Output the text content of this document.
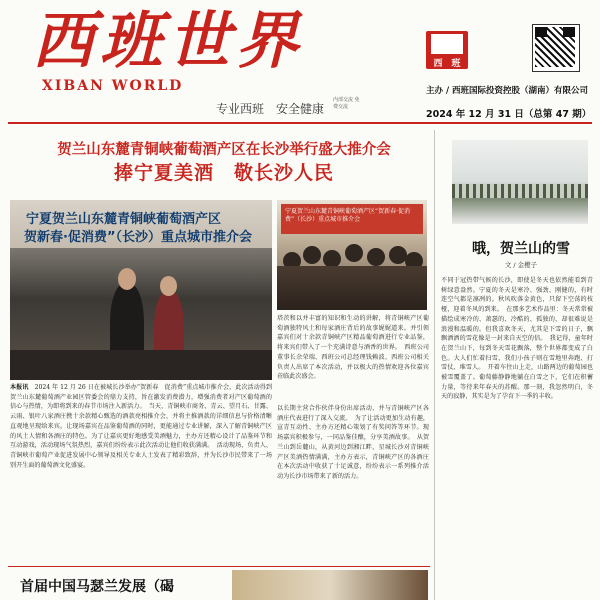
西班世界
XIBAN WORLD
专业西班　安全健康
内部交流 免费交流
西　班
主办 / 西班国际投资控股（湖南）有限公司
2024 年 12 月 31 日（总第 47 期）
贺兰山东麓青铜峡葡萄酒产区在长沙举行盛大推介会
捧宁夏美酒　敬长沙人民
宁夏贺兰山东麓青铜峡葡萄酒产区
贺新春·促消费”（长沙）重点城市推介会
宁夏贺兰山东麓青铜峡葡萄酒产区“贺新春·促消费”（长沙）重点城市推介会
塔茨和以并丰富的知识和生动的讲解，将青铜峡产区葡萄酒独特风土和每家酒庄背后的故事娓娓道来。并引领嘉宾们对十余款青铜峡产区精品葡萄酒进行专业品鉴，将来宾们带入了一个充满诗意与酒香的世界。　西班公司董事长余荣瑞、西班公司总经理钱赖波、西班公司相关负责人出席了本次活动，并以极大的热情欢迎各位嘉宾莅临此次盛会。
本报讯　 2024 年 12 月 26 日在被城长沙举办“贺新春　促消费”重点城市推介会，此次活动得到贺兰山东麓葡萄酒产业园区管委会的鼎力支持，旨在激发消费潜力，增强消费者对产区葡萄酒的信心与热情，为即将到来的春节市场注入新活力。　当天，青铜峡市商务、青云、望月石、甘露、云雨、银叶八家酒庄携十余款精心甄选的酒款亮相推介会，并将主推酒款的详细信息与价格清晰直观地呈现给来宾。让现场嘉宾在品鉴葡萄酒的同时，更能通过专业讲解，深入了解青铜峡产区的风土人情和各酒庄的特色。为了让嘉宾更好地感受美酒魅力，主办方还精心设计了品鉴环节和互动游戏，活动现场气氛热烈，嘉宾们纷纷表示此次活动让他们收获满满。　活动现场，负责人、青铜峡市葡萄产业促进发展中心领导及相关专业人士发表了精彩致辞，并为长沙市民带来了一场别开生面的葡萄酒文化盛宴。
以长期主营合作伙伴身份出席活动，并与青铜峡产区各酒庄代表进行了深入交流。　为了让活动更加生动有趣，宣青互动性、主办方还精心策划了有奖问答等环节。现场嘉宾积极参与，一同品鉴佳酿，分享美酒故事。　从贺兰山到岳麓山，从黄河边到湘江畔，星城长沙对青铜峡产区美酒热情满满，主办方表示，青铜峡产区的各酒庄在本次活动中收获了十足诚意，纷纷表示一系列推介活动为长沙市场带来了新的活力。
哦，贺兰山的雪
文 / 金樱子
不同于冠热带气候的长沙，即使是冬天也依然能看到青树绿意盎然。宁夏的冬天是寒冷、强劲、刚健的，有时连空气都是凛冽的。秋风吹落金黄色，只留下空荡的枝桠，迎着冬风的到来。　在那多艺术作品里：冬天常常被描绘成寒冷的、萧瑟的、冷酷的、孤独的，却很难说是浪漫和温暖的。但我喜欢冬天，尤其是下雪的日子，飘飘洒洒的雪花像是一封来自天空的信。　我记得，童年时在贺兰山下，每到冬天雪花飘落，整个世界都变成了白色。大人们忙着扫雪，我们小孩子则在雪地里奔跑、打雪仗、堆雪人。　开着车往山上走，山路两边的葡萄园也被雪覆盖了。葡萄藤静静地躺在白雪之下，它们在积蓄力量，等待来年春天的苏醒。那一刻，我忽然明白，冬天的寂静，其实是为了孕育下一季的丰收。
首届中国马瑟兰发展（碣
